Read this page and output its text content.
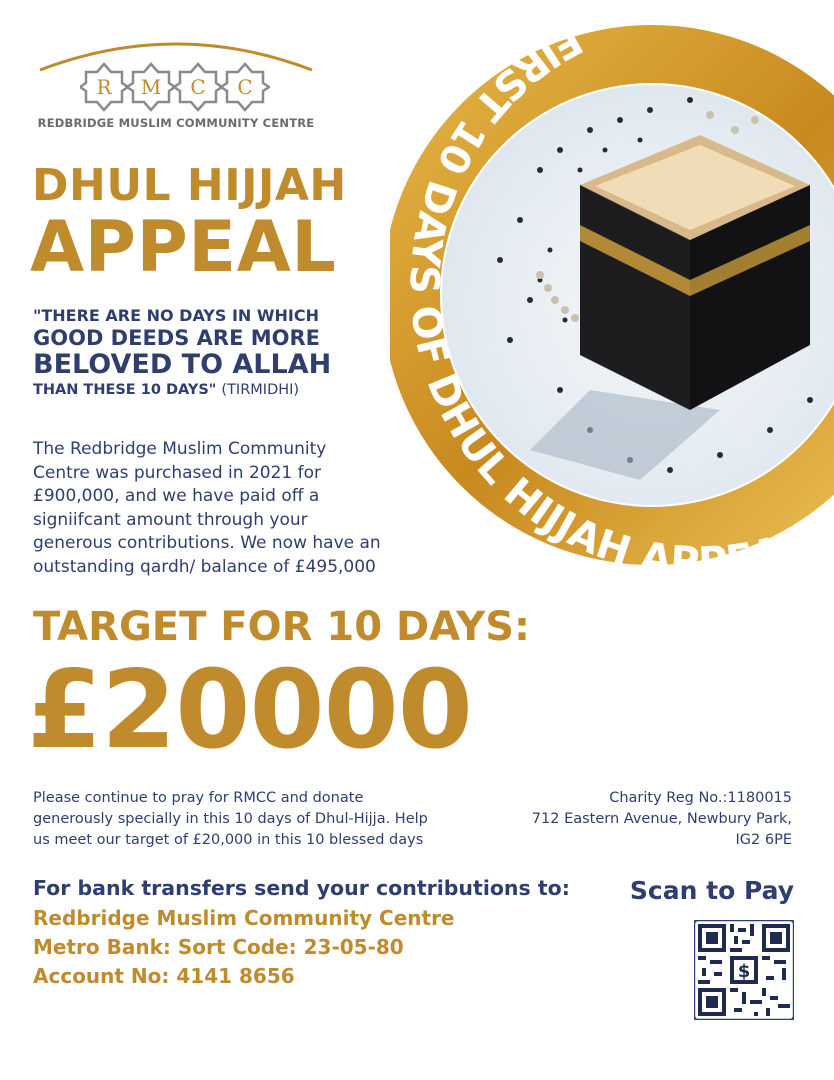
R M C C
REDBRIDGE MUSLIM COMMUNITY CENTRE
DHUL HIJJAH
APPEAL
"THERE ARE NO DAYS IN WHICH
GOOD DEEDS ARE MORE
BELOVED TO ALLAH
THAN THESE 10 DAYS" (TIRMIDHI)
The Redbridge Muslim Community
Centre was purchased in 2021 for
£900,000, and we have paid off a
signiifcant amount through your
generous contributions. We now have an
outstanding qardh/ balance of £495,000
FIRST 10 DAYS OF DHUL HIJJAH APPEAL
TARGET FOR 10 DAYS:
£20000
Please continue to pray for RMCC and donate
generously specially in this 10 days of Dhul-Hijja. Help
us meet our target of £20,000 in this 10 blessed days
Charity Reg No.:1180015
712 Eastern Avenue, Newbury Park,
IG2 6PE
For bank transfers send your contributions to:
Redbridge Muslim Community Centre
Metro Bank: Sort Code: 23-05-80
Account No: 4141 8656
Scan to Pay
$
